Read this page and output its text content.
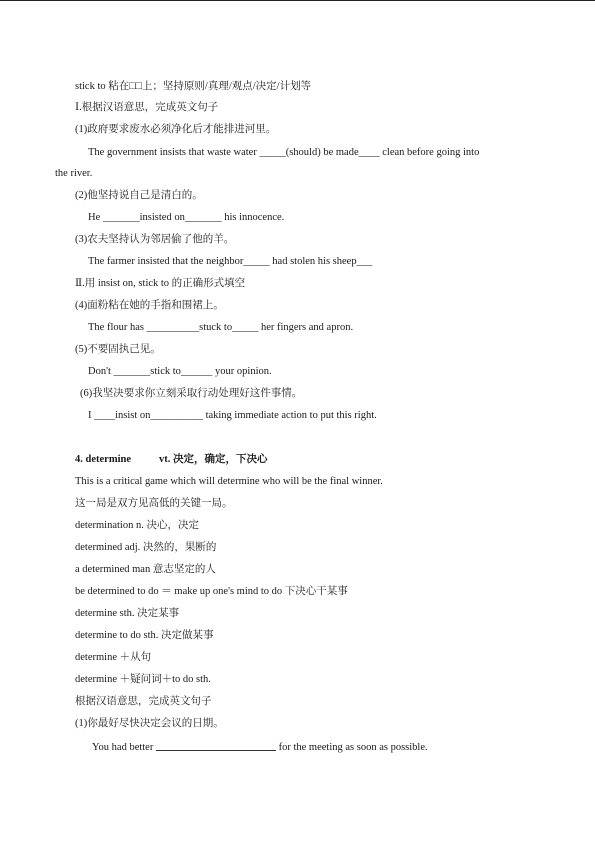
stick to 粘在□□上；坚持原则/真理/观点/决定/计划等
Ⅰ.根据汉语意思，完成英文句子
(1)政府要求废水必须净化后才能排进河里。
The government insists that waste water _____(should) be made____ clean before going into
the river.
(2)他坚持说自己是清白的。
He _______insisted on_______ his innocence.
(3)农夫坚持认为邻居偷了他的羊。
The farmer insisted that the neighbor_____ had stolen his sheep___
Ⅱ.用 insist on, stick to 的正确形式填空
(4)面粉粘在她的手指和围裙上。
The flour has __________stuck to_____ her fingers and apron.
(5)不要固执己见。
Don't _______stick to______ your opinion.
(6)我坚决要求你立刻采取行动处理好这件事情。
I ____insist on__________ taking immediate action to put this right.
4. determine	vt. 决定，确定，下决心
This is a critical game which will determine who will be the final winner.
这一局是双方见高低的关键一局。
determination n. 决心，决定
determined adj. 决然的，果断的
a determined man 意志坚定的人
be determined to do ＝ make up one's mind to do 下决心干某事
determine sth. 决定某事
determine to do sth. 决定做某事
determine ＋从句
determine ＋疑问词＋to do sth.
根据汉语意思，完成英文句子
(1)你最好尽快决定会议的日期。
You had better	for the meeting as soon as possible.
